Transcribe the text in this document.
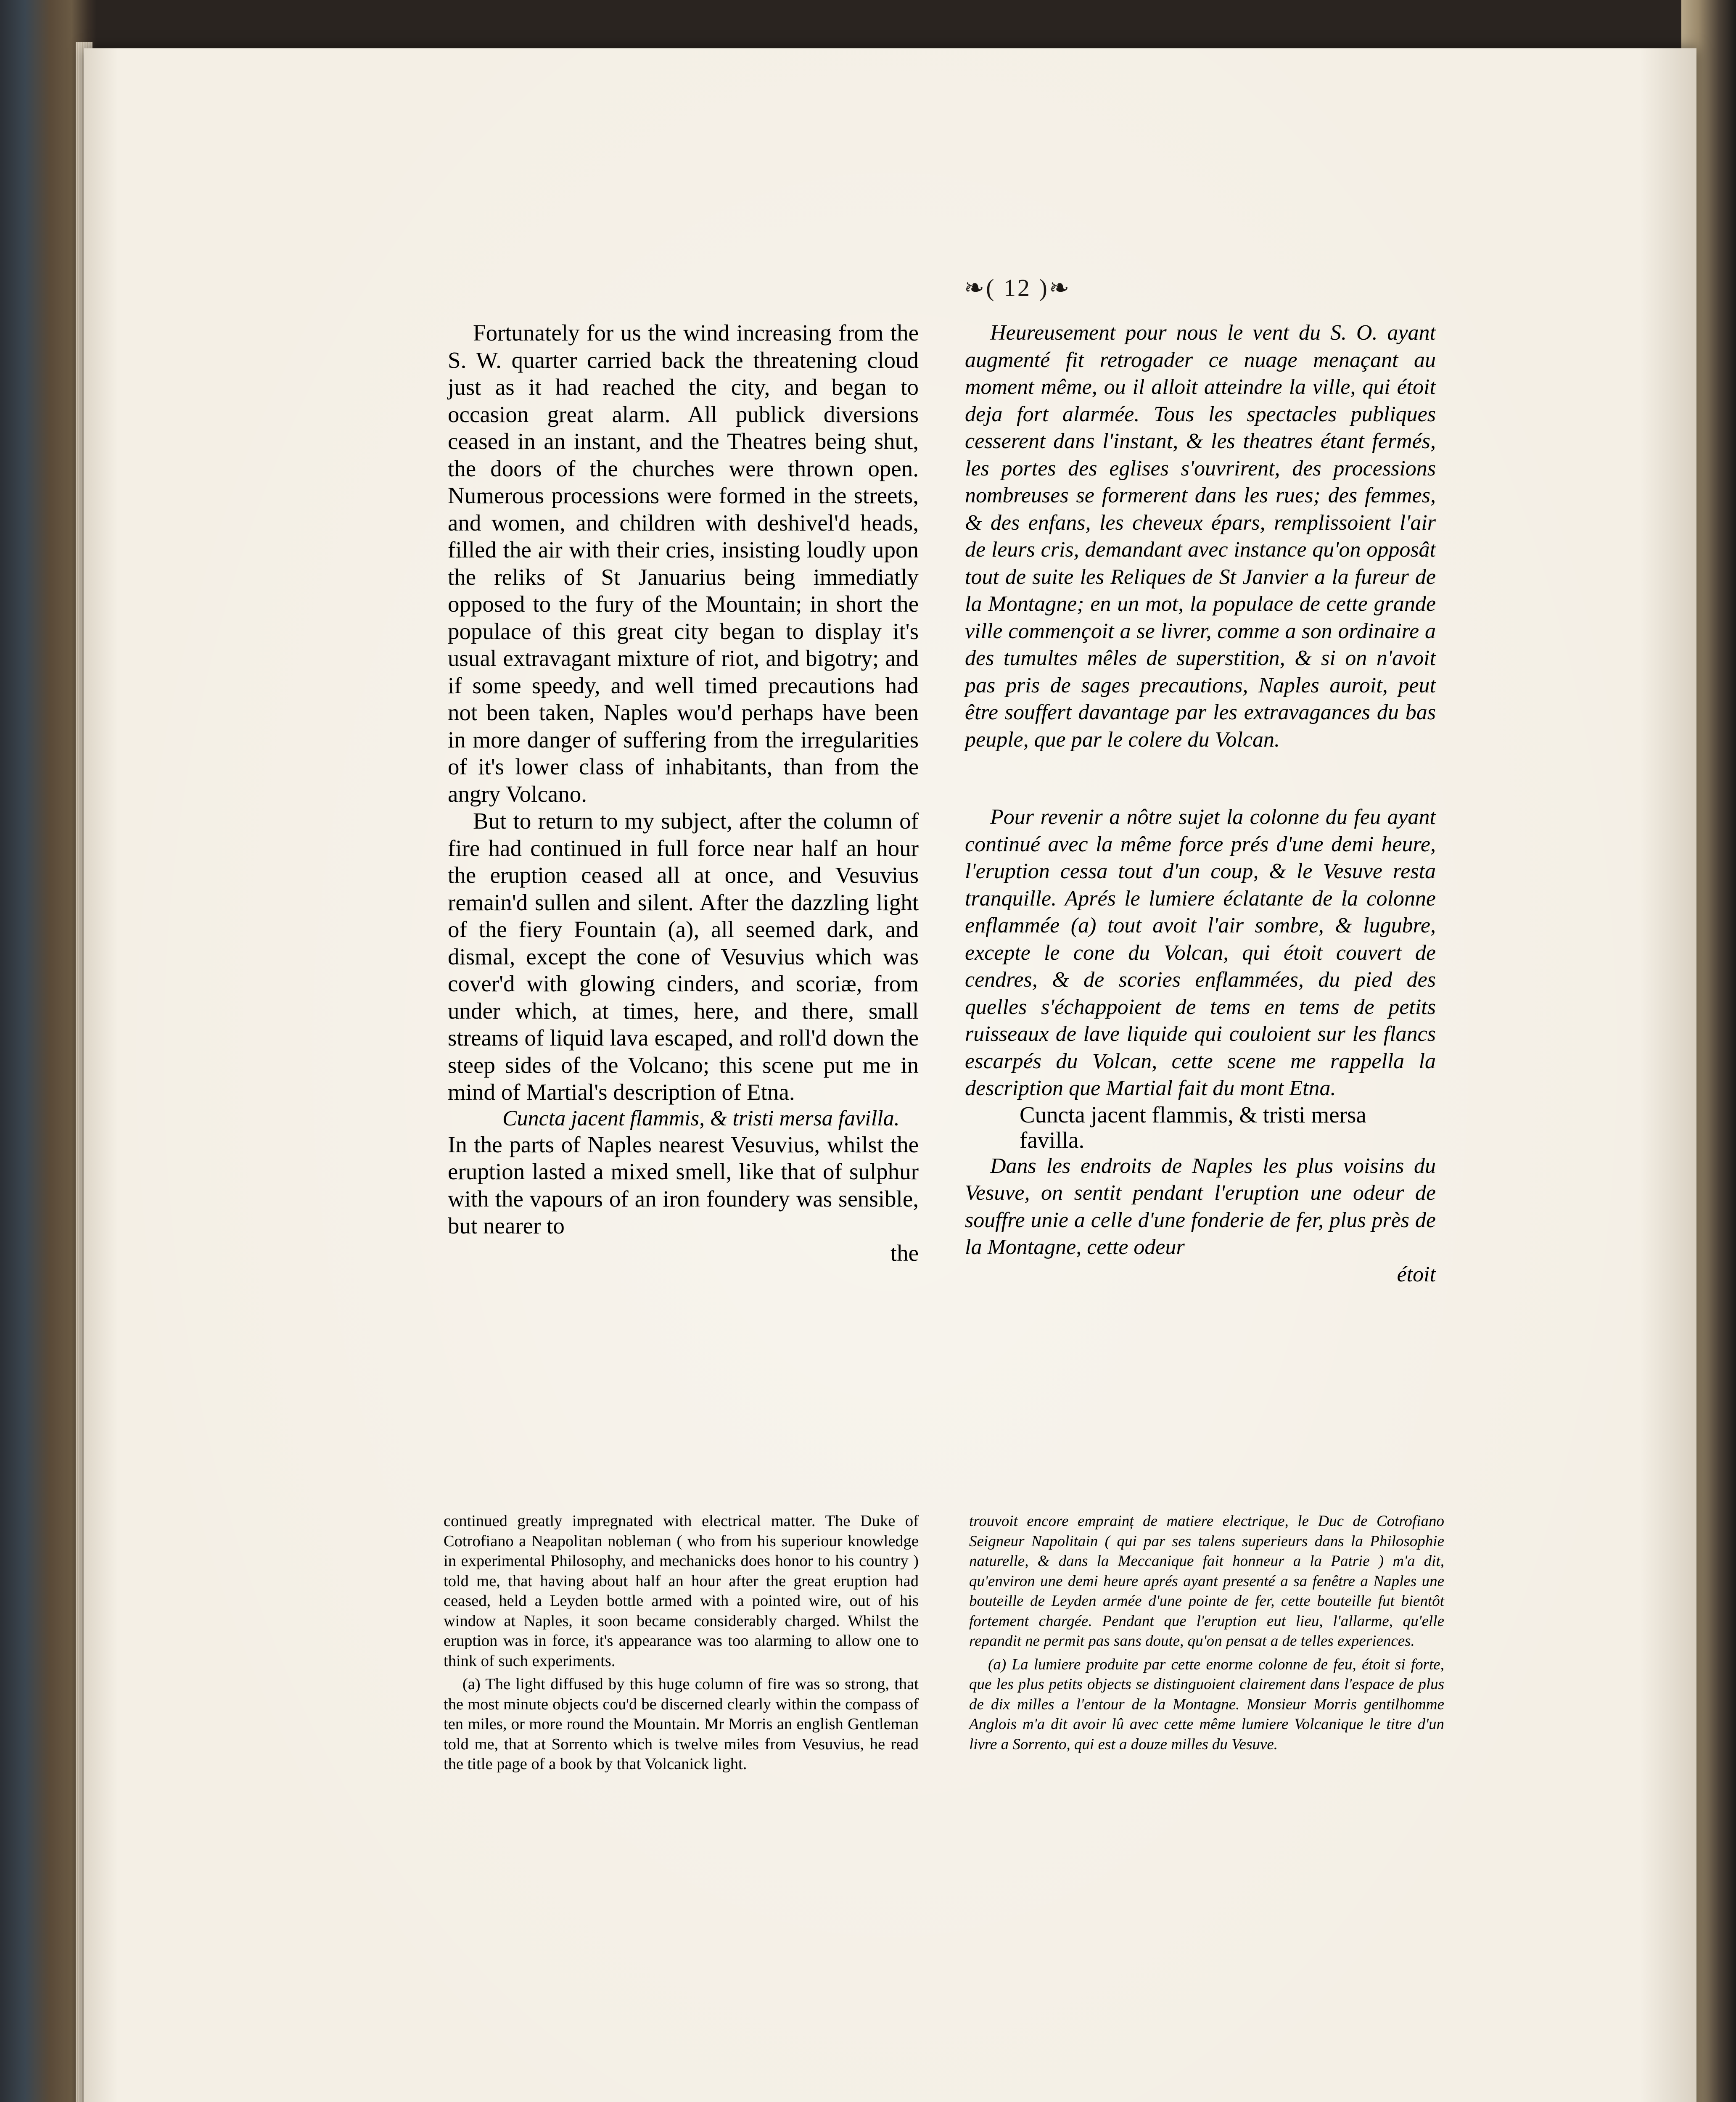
❧( 12 )❧

Fortunately for us the wind increasing from the S. W. quarter carried back the threatening cloud just as it had reached the city, and began to occasion great alarm. All publick diversions ceased in an instant, and the Theatres being shut, the doors of the churches were thrown open. Numerous processions were formed in the streets, and women, and children with deshivel'd heads, filled the air with their cries, insisting loudly upon the reliks of St Januarius being immediatly opposed to the fury of the Mountain; in short the populace of this great city began to display it's usual extravagant mixture of riot, and bigotry; and if some speedy, and well timed precautions had not been taken, Naples wou'd perhaps have been in more danger of suffering from the irregularities of it's lower class of inhabitants, than from the angry Volcano.

But to return to my subject, after the column of fire had continued in full force near half an hour the eruption ceased all at once, and Vesuvius remain'd sullen and silent. After the dazzling light of the fiery Fountain (a), all seemed dark, and dismal, except the cone of Vesuvius which was cover'd with glowing cinders, and scoriæ, from under which, at times, here, and there, small streams of liquid lava escaped, and roll'd down the steep sides of the Volcano; this scene put me in mind of Martial's description of Etna.

Cuncta jacent flammis, & tristi mersa favilla.

In the parts of Naples nearest Vesuvius, whilst the eruption lasted a mixed smell, like that of sulphur with the vapours of an iron foundery was sensible, but nearer to

the

Heureusement pour nous le vent du S. O. ayant augmenté fit retrogader ce nuage menaçant au moment même, ou il alloit atteindre la ville, qui étoit deja fort alarmée. Tous les spectacles publiques cesserent dans l'instant, & les theatres étant fermés, les portes des eglises s'ouvrirent, des processions nombreuses se formerent dans les rues; des femmes, & des enfans, les cheveux épars, remplissoient l'air de leurs cris, demandant avec instance qu'on opposât tout de suite les Reliques de St Janvier a la fureur de la Montagne; en un mot, la populace de cette grande ville commençoit a se livrer, comme a son ordinaire a des tumultes mêles de superstition, & si on n'avoit pas pris de sages precautions, Naples auroit, peut être souffert davantage par les extravagances du bas peuple, que par le colere du Volcan.

Pour revenir a nôtre sujet la colonne du feu ayant continué avec la même force prés d'une demi heure, l'eruption cessa tout d'un coup, & le Vesuve resta tranquille. Aprés le lumiere éclatante de la colonne enflammée (a) tout avoit l'air sombre, & lugubre, excepte le cone du Volcan, qui étoit couvert de cendres, & de scories enflammées, du pied des quelles s'échappoient de tems en tems de petits ruisseaux de lave liquide qui couloient sur les flancs escarpés du Volcan, cette scene me rappella la description que Martial fait du mont Etna.

Cuncta jacent flammis, & tristi mersa favilla.

Dans les endroits de Naples les plus voisins du Vesuve, on sentit pendant l'eruption une odeur de souffre unie a celle d'une fonderie de fer, plus près de la Montagne, cette odeur

étoit

continued greatly impregnated with electrical matter. The Duke of Cotrofiano a Neapolitan nobleman ( who from his superiour knowledge in experimental Philosophy, and mechanicks does honor to his country ) told me, that having about half an hour after the great eruption had ceased, held a Leyden bottle armed with a pointed wire, out of his window at Naples, it soon became considerably charged. Whilst the eruption was in force, it's appearance was too alarming to allow one to think of such experiments.

(a) The light diffused by this huge column of fire was so strong, that the most minute objects cou'd be discerned clearly within the compass of ten miles, or more round the Mountain. Mr Morris an english Gentleman told me, that at Sorrento which is twelve miles from Vesuvius, he read the title page of a book by that Volcanick light.

trouvoit encore emprainț de matiere electrique, le Duc de Cotrofiano Seigneur Napolitain ( qui par ses talens superieurs dans la Philosophie naturelle, & dans la Meccanique fait honneur a la Patrie ) m'a dit, qu'environ une demi heure aprés ayant presenté a sa fenêtre a Naples une bouteille de Leyden armée d'une pointe de fer, cette bouteille fut bientôt fortement chargée. Pendant que l'eruption eut lieu, l'allarme, qu'elle repandit ne permit pas sans doute, qu'on pensat a de telles experiences.

(a) La lumiere produite par cette enorme colonne de feu, étoit si forte, que les plus petits objects se distinguoient clairement dans l'espace de plus de dix milles a l'entour de la Montagne. Monsieur Morris gentilhomme Anglois m'a dit avoir lû avec cette même lumiere Volcanique le titre d'un livre a Sorrento, qui est a douze milles du Vesuve.
